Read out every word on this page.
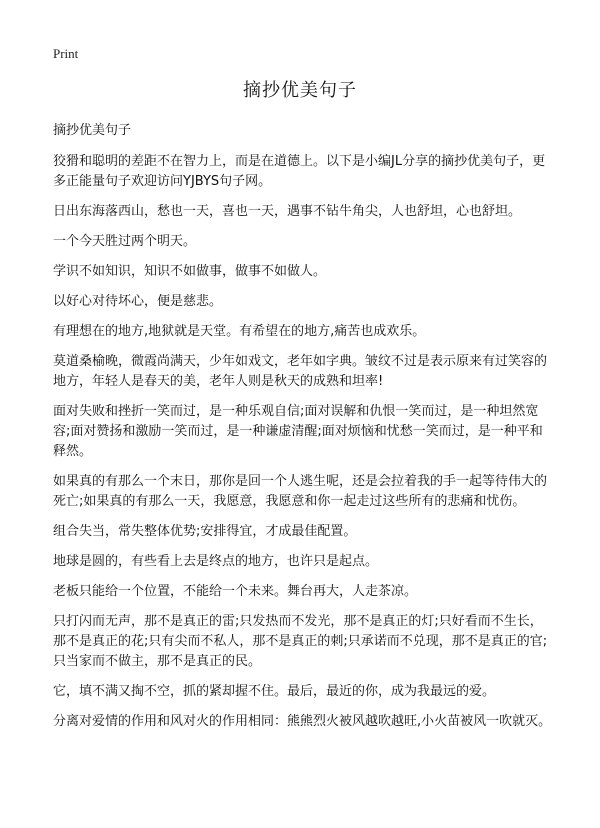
Print
摘抄优美句子

摘抄优美句子

狡猾和聪明的差距不在智力上，而是在道德上。以下是小编JL分享的摘抄优美句子，更多正能量句子欢迎访问YJBYS句子网。

日出东海落西山，愁也一天，喜也一天，遇事不钻牛角尖，人也舒坦，心也舒坦。

一个今天胜过两个明天。

学识不如知识，知识不如做事，做事不如做人。

以好心对待坏心，便是慈悲。

有理想在的地方,地狱就是天堂。有希望在的地方,痛苦也成欢乐。

莫道桑榆晚，微霞尚满天，少年如戏文，老年如字典。皱纹不过是表示原来有过笑容的地方，年轻人是春天的美，老年人则是秋天的成熟和坦率!

面对失败和挫折一笑而过，是一种乐观自信;面对误解和仇恨一笑而过，是一种坦然宽容;面对赞扬和激励一笑而过，是一种谦虚清醒;面对烦恼和忧愁一笑而过，是一种平和释然。

如果真的有那么一个末日，那你是回一个人逃生呢，还是会拉着我的手一起等待伟大的死亡;如果真的有那么一天，我愿意，我愿意和你一起走过这些所有的悲痛和忧伤。

组合失当，常失整体优势;安排得宜，才成最佳配置。

地球是圆的，有些看上去是终点的地方，也许只是起点。

老板只能给一个位置，不能给一个未来。舞台再大，人走茶凉。

只打闪而无声，那不是真正的雷;只发热而不发光，那不是真正的灯;只好看而不生长，那不是真正的花;只有尖而不私人，那不是真正的刺;只承诺而不兑现，那不是真正的官;只当家而不做主，那不是真正的民。

它，填不满又掏不空，抓的紧却握不住。最后，最近的你，成为我最远的爱。

分离对爱情的作用和风对火的作用相同：熊熊烈火被风越吹越旺,小火苗被风一吹就灭。
